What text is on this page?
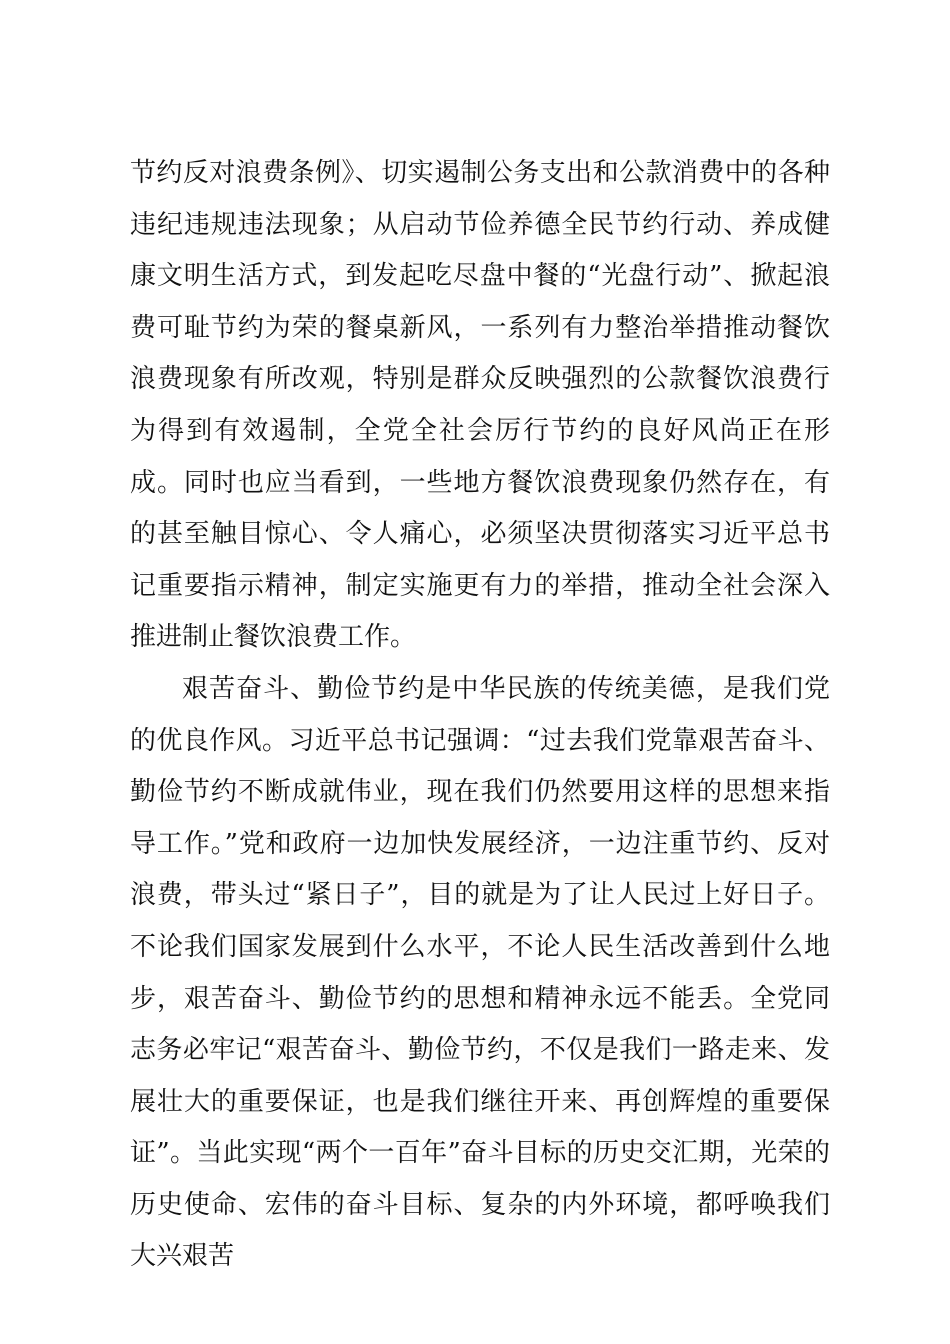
节约反对浪费条例》、切实遏制公务支出和公款消费中的各种违纪违规违法现象；从启动节俭养德全民节约行动、养成健康文明生活方式，到发起吃尽盘中餐的“光盘行动”、掀起浪费可耻节约为荣的餐桌新风，一系列有力整治举措推动餐饮浪费现象有所改观，特别是群众反映强烈的公款餐饮浪费行为得到有效遏制，全党全社会厉行节约的良好风尚正在形成。同时也应当看到，一些地方餐饮浪费现象仍然存在，有的甚至触目惊心、令人痛心，必须坚决贯彻落实习近平总书记重要指示精神，制定实施更有力的举措，推动全社会深入推进制止餐饮浪费工作。

艰苦奋斗、勤俭节约是中华民族的传统美德，是我们党的优良作风。习近平总书记强调：“过去我们党靠艰苦奋斗、勤俭节约不断成就伟业，现在我们仍然要用这样的思想来指导工作。”党和政府一边加快发展经济，一边注重节约、反对浪费，带头过“紧日子”，目的就是为了让人民过上好日子。不论我们国家发展到什么水平，不论人民生活改善到什么地步，艰苦奋斗、勤俭节约的思想和精神永远不能丢。全党同志务必牢记“艰苦奋斗、勤俭节约，不仅是我们一路走来、发展壮大的重要保证，也是我们继往开来、再创辉煌的重要保证”。当此实现“两个一百年”奋斗目标的历史交汇期，光荣的历史使命、宏伟的奋斗目标、复杂的内外环境，都呼唤我们大兴艰苦
